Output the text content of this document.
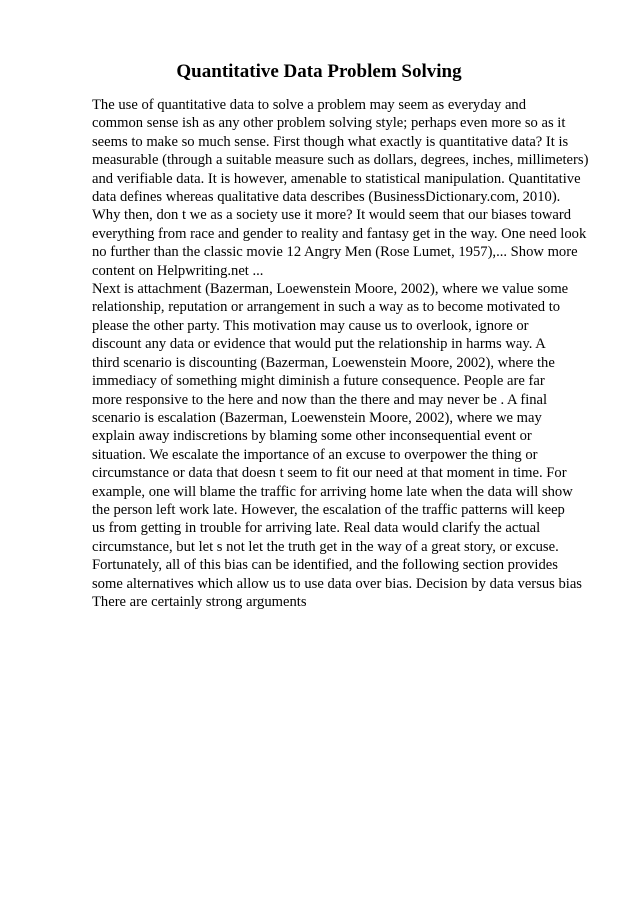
Quantitative Data Problem Solving
The use of quantitative data to solve a problem may seem as everyday and
common sense ish as any other problem solving style; perhaps even more so as it
seems to make so much sense. First though what exactly is quantitative data? It is
measurable (through a suitable measure such as dollars, degrees, inches, millimeters)
and verifiable data. It is however, amenable to statistical manipulation. Quantitative
data defines whereas qualitative data describes (BusinessDictionary.com, 2010).
Why then, don t we as a society use it more? It would seem that our biases toward
everything from race and gender to reality and fantasy get in the way. One need look
no further than the classic movie 12 Angry Men (Rose Lumet, 1957),... Show more
content on Helpwriting.net ...
Next is attachment (Bazerman, Loewenstein Moore, 2002), where we value some
relationship, reputation or arrangement in such a way as to become motivated to
please the other party. This motivation may cause us to overlook, ignore or
discount any data or evidence that would put the relationship in harms way. A
third scenario is discounting (Bazerman, Loewenstein Moore, 2002), where the
immediacy of something might diminish a future consequence. People are far
more responsive to the here and now than the there and may never be . A final
scenario is escalation (Bazerman, Loewenstein Moore, 2002), where we may
explain away indiscretions by blaming some other inconsequential event or
situation. We escalate the importance of an excuse to overpower the thing or
circumstance or data that doesn t seem to fit our need at that moment in time. For
example, one will blame the traffic for arriving home late when the data will show
the person left work late. However, the escalation of the traffic patterns will keep
us from getting in trouble for arriving late. Real data would clarify the actual
circumstance, but let s not let the truth get in the way of a great story, or excuse.
Fortunately, all of this bias can be identified, and the following section provides
some alternatives which allow us to use data over bias. Decision by data versus bias
There are certainly strong arguments
